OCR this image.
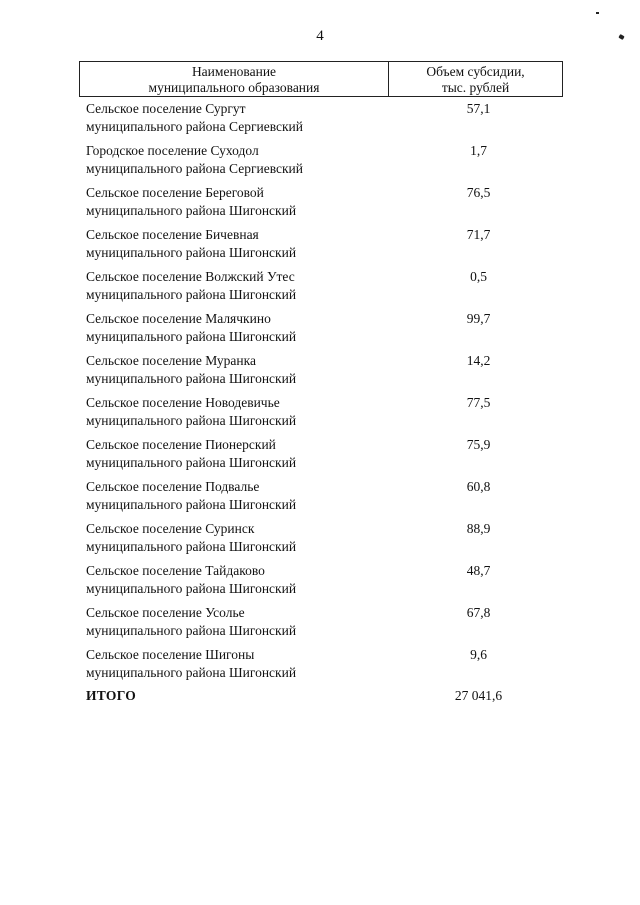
4
Наименование
муниципального образования
Объем субсидии,
тыс. рублей
Сельское поселение Сургут
муниципального района Сергиевский
57,1
Городское поселение Суходол
муниципального района Сергиевский
1,7
Сельское поселение Береговой
муниципального района Шигонский
76,5
Сельское поселение Бичевная
муниципального района Шигонский
71,7
Сельское поселение Волжский Утес
муниципального района Шигонский
0,5
Сельское поселение Малячкино
муниципального района Шигонский
99,7
Сельское поселение Муранка
муниципального района Шигонский
14,2
Сельское поселение Новодевичье
муниципального района Шигонский
77,5
Сельское поселение Пионерский
муниципального района Шигонский
75,9
Сельское поселение Подвалье
муниципального района Шигонский
60,8
Сельское поселение Суринск
муниципального района Шигонский
88,9
Сельское поселение Тайдаково
муниципального района Шигонский
48,7
Сельское поселение Усолье
муниципального района Шигонский
67,8
Сельское поселение Шигоны
муниципального района Шигонский
9,6
ИТОГО	27 041,6
